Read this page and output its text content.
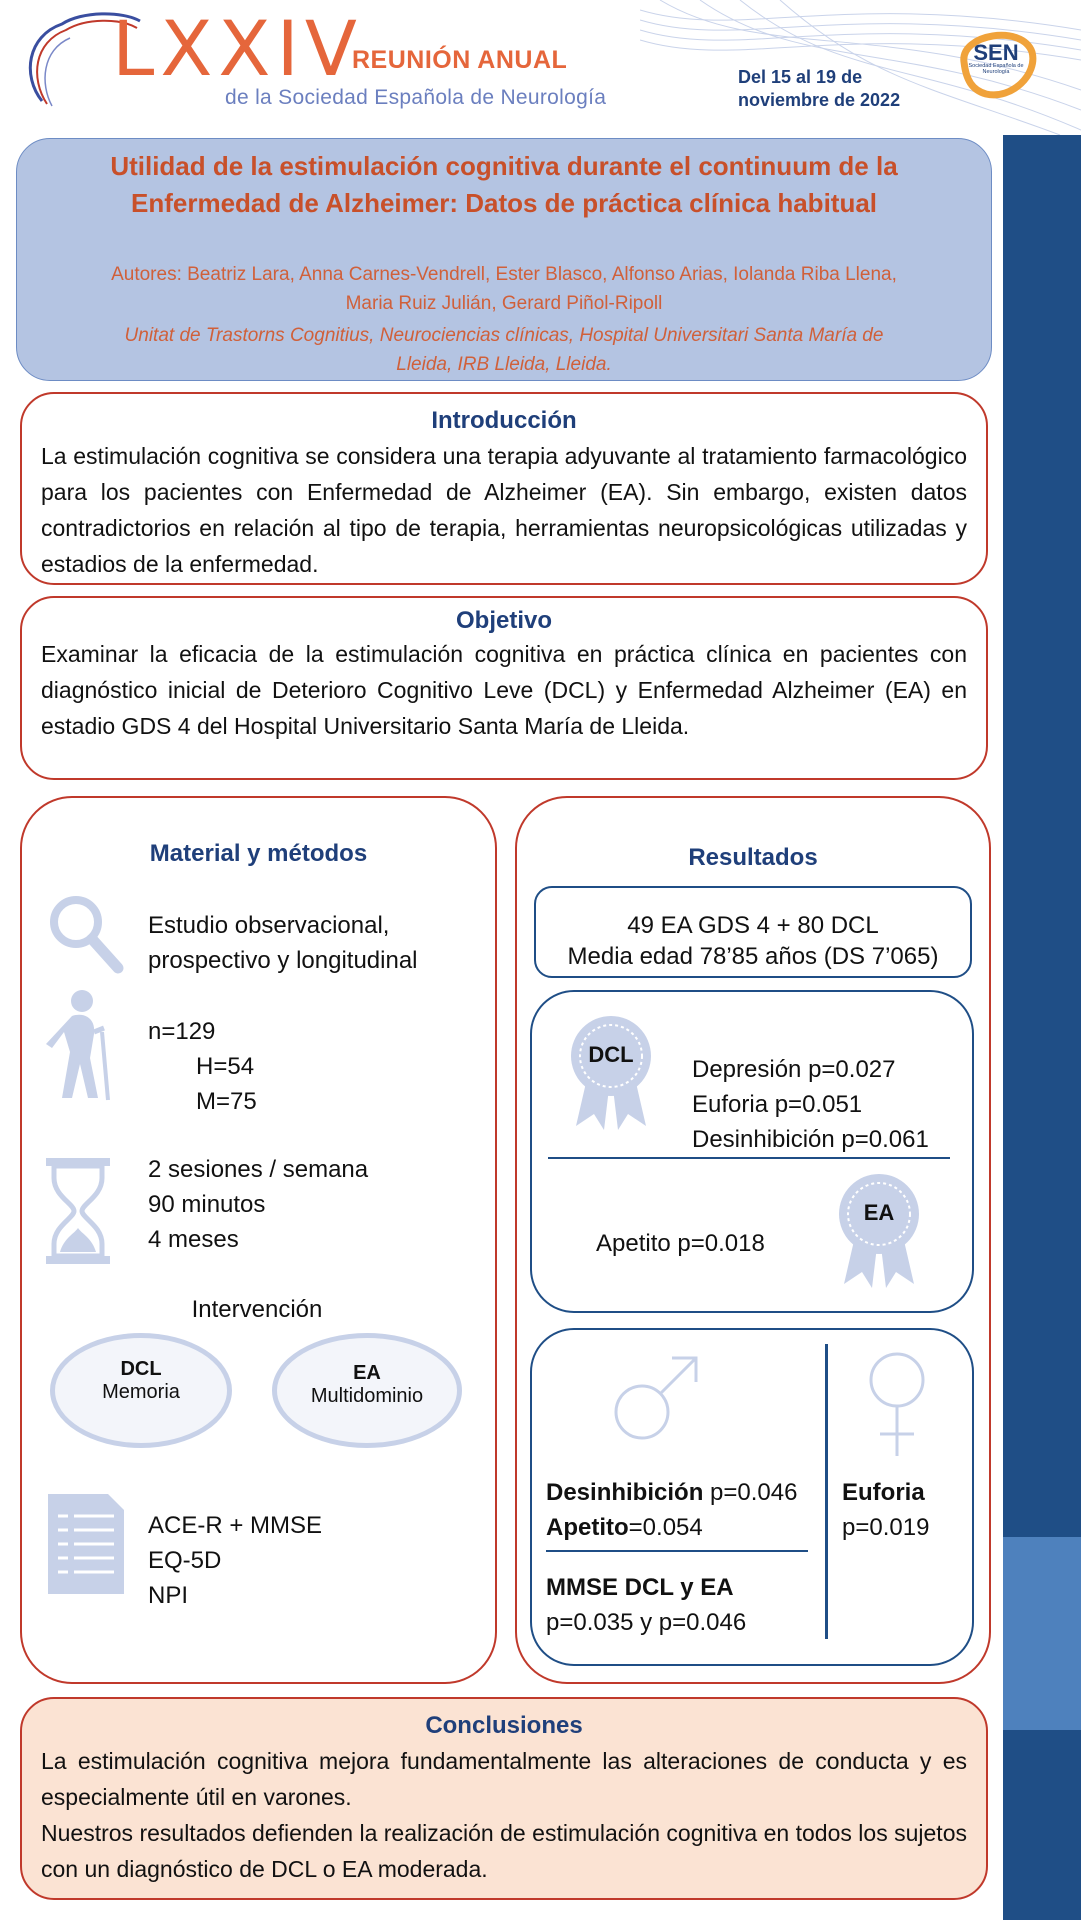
LXXIV
REUNIÓN ANUAL
de la Sociedad Española de Neurología
Del 15 al 19 de
noviembre de 2022
SEN
Sociedad Española de Neurología
Utilidad de la estimulación cognitiva durante el continuum de la
Enfermedad de Alzheimer: Datos de práctica clínica habitual
Autores: Beatriz Lara, Anna Carnes-Vendrell, Ester Blasco, Alfonso Arias, Iolanda Riba Llena,
Maria Ruiz Julián, Gerard Piñol-Ripoll
Unitat de Trastorns Cognitius, Neurociencias clínicas, Hospital Universitari Santa María de
Lleida, IRB Lleida, Lleida.
Introducción
La estimulación cognitiva se considera una terapia adyuvante al tratamiento farmacológico para los pacientes con Enfermedad de Alzheimer (EA). Sin embargo, existen datos contradictorios en relación al tipo de terapia, herramientas neuropsicológicas utilizadas y estadios de la enfermedad.
Objetivo
Examinar la eficacia de la estimulación cognitiva en práctica clínica en pacientes con diagnóstico inicial de Deterioro Cognitivo Leve (DCL) y Enfermedad Alzheimer (EA) en estadio GDS 4 del Hospital Universitario Santa María de Lleida.
Material y métodos
Estudio observacional,
prospectivo y longitudinal
n=129
H=54
M=75
2 sesiones / semana
90 minutos
4 meses
Intervención
DCL
Memoria
EA
Multidominio
ACE-R + MMSE
EQ-5D
NPI
Resultados
49 EA GDS 4 + 80 DCL
Media edad 78’85 años (DS 7’065)
DCL
Depresión p=0.027
Euforia p=0.051
Desinhibición p=0.061
EA
Apetito p=0.018
Desinhibición p=0.046
Apetito=0.054
MMSE DCL y EA
p=0.035 y p=0.046
Euforia
p=0.019
Conclusiones
La estimulación cognitiva mejora fundamentalmente las alteraciones de conducta y es especialmente útil en varones.
Nuestros resultados defienden la realización de estimulación cognitiva en todos los sujetos con un diagnóstico de DCL o EA moderada.
